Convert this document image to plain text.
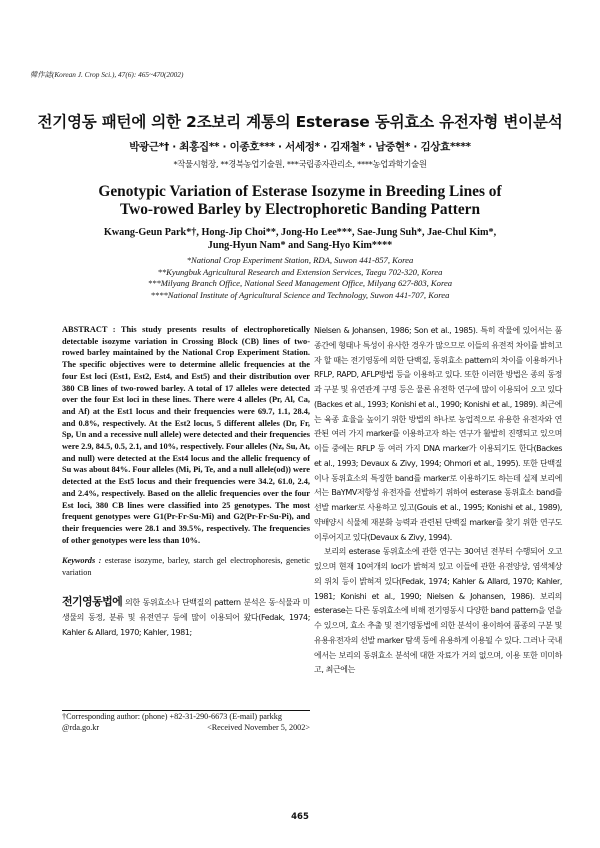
韓作誌(Korean J. Crop Sci.), 47(6): 465~470(2002)
전기영동 패턴에 의한 2조보리 계통의 Esterase 동위효소 유전자형 변이분석
박광근*† · 최홍집** · 이종호*** · 서세정* · 김재철* · 남중현* · 김상효****
*작물시험장, **경북농업기술원, ***국립종자관리소, ****농업과학기술원
Genotypic Variation of Esterase Isozyme in Breeding Lines of
Two-rowed Barley by Electrophoretic Banding Pattern
Kwang-Geun Park*†, Hong-Jip Choi**, Jong-Ho Lee***, Sae-Jung Suh*, Jae-Chul Kim*,
Jung-Hyun Nam* and Sang-Hyo Kim****
*National Crop Experiment Station, RDA, Suwon 441-857, Korea
**Kyungbuk Agricultural Research and Extension Services, Taegu 702-320, Korea
***Milyang Branch Office, National Seed Management Office, Milyang 627-803, Korea
****National Institute of Agricultural Science and Technology, Suwon 441-707, Korea
ABSTRACT : This study presents results of electrophoretically detectable isozyme variation in Crossing Block (CB) lines of two-rowed barley maintained by the National Crop Experiment Station. The specific objectives were to determine allelic frequencies at the four Est loci (Est1, Est2, Est4, and Est5) and their distribution over 380 CB lines of two-rowed barley. A total of 17 alleles were detected over the four Est loci in these lines. There were 4 alleles (Pr, Al, Ca, and Af) at the Est1 locus and their frequencies were 69.7, 1.1, 28.4, and 0.8%, respectively. At the Est2 locus, 5 different alleles (Dr, Fr, Sp, Un and a recessive null allele) were detected and their frequencies were 2.9, 84.5, 0.5, 2.1, and 10%, respectively. Four alleles (Nz, Su, At, and null) were detected at the Est4 locus and the allelic frequency of Su was about 84%. Four alleles (Mi, Pi, Te, and a null allele(od)) were detected at the Est5 locus and their frequencies were 34.2, 61.0, 2.4, and 2.4%, respectively. Based on the allelic frequencies over the four Est loci, 380 CB lines were classified into 25 genotypes. The most frequent genotypes were G1(Pr-Fr-Su-Mi) and G2(Pr-Fr-Su-Pi), and their frequencies were 28.1 and 39.5%, respectively. The frequencies of other genotypes were less than 10%.
Keywords : esterase isozyme, barley, starch gel electrophoresis, genetic variation
전기영동법에 의한 동위효소나 단백질의 pattern 분석은 동·식물과 미생물의 동정, 분류 및 유전연구 등에 많이 이용되어 왔다(Fedak, 1974; Kahler & Allard, 1970; Kahler, 1981;
†Corresponding author: (phone) +82-31-290-6673 (E-mail) parkkg
@rda.go.kr	<Received November 5, 2002>

Nielsen & Johansen, 1986; Son et al., 1985). 특히 작물에 있어서는 품종간에 형태나 특성이 유사한 경우가 많으므로 이들의 유전적 차이를 밝히고자 할 때는 전기영동에 의한 단백질, 동위효소 pattern의 차이를 이용하거나 RFLP, RAPD, AFLP방법 등을 이용하고 있다. 또한 이러한 방법은 종의 동정과 구분 및 유연관계 구명 등은 물론 유전학 연구에 많이 이용되어 오고 있다(Backes et al., 1993; Konishi et al., 1990; Konishi et al., 1989). 최근에는 육종 효율을 높이기 위한 방법의 하나로 농업적으로 유용한 유전자와 연관된 여러 가지 marker를 이용하고자 하는 연구가 활발히 진행되고 있으며 이들 중에는 RFLP 등 여러 가지 DNA marker가 이용되기도 한다(Backes et al., 1993; Devaux & Zivy, 1994; Ohmori et al., 1995). 또한 단백질이나 동위효소의 특징한 band를 marker로 이용하기도 하는데 실제 보리에서는 BaYMV저항성 유전자를 선발하기 위하여 esterase 동위효소 band를 선발 marker로 사용하고 있고(Gouis et al., 1995; Konishi et al., 1989), 약배양시 식물체 재분화 능력과 관련된 단백질 marker를 찾기 위한 연구도 이루어지고 있다(Devaux & Zivy, 1994).

보리의 esterase 동위효소에 관한 연구는 30여년 전부터 수행되어 오고 있으며 현재 10여개의 loci가 밝혀져 있고 이들에 관한 유전양상, 염색체상의 위치 등이 밝혀져 있다(Fedak, 1974; Kahler & Allard, 1970; Kahler, 1981; Konishi et al., 1990; Nielsen & Johansen, 1986). 보리의 esterase는 다른 동위효소에 비해 전기영동시 다양한 band pattern을 얻을 수 있으며, 효소 추출 및 전기영동법에 의한 분석이 용이하여 품종의 구분 및 유용유전자의 선발 marker 탐색 등에 유용하게 이용될 수 있다. 그러나 국내에서는 보리의 동위효소 분석에 대한 자료가 거의 없으며, 이용 또한 미미하고, 최근에는

465
